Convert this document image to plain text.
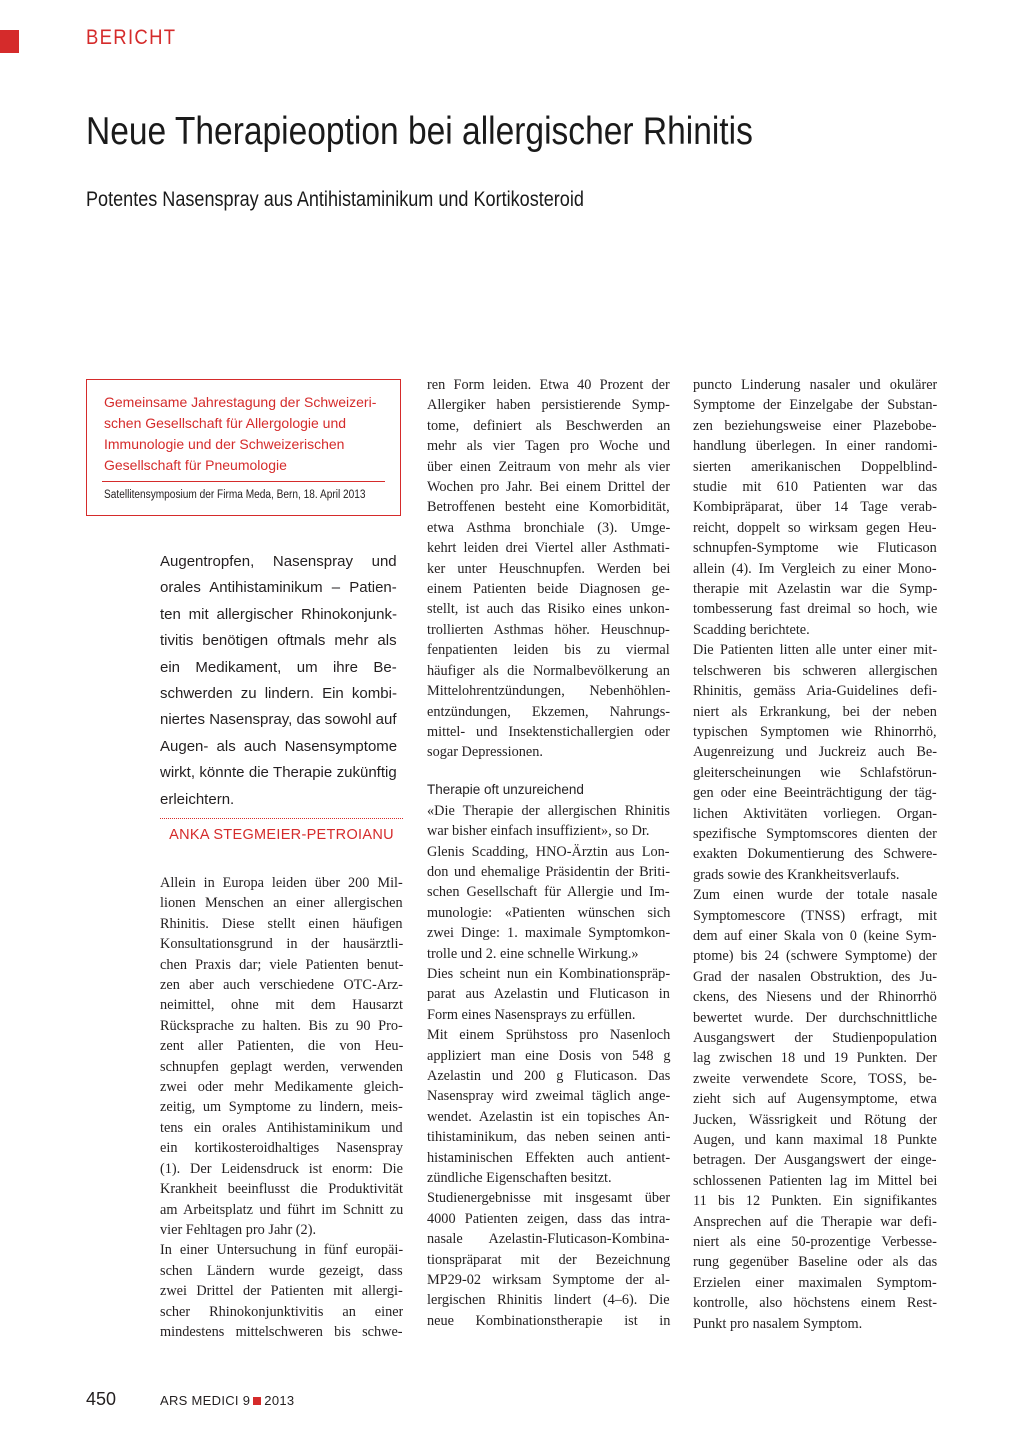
BERICHT
Neue Therapieoption bei allergischer Rhinitis
Potentes Nasenspray aus Antihistaminikum und Kortikosteroid
Gemeinsame Jahrestagung der Schweizeri-
schen Gesellschaft für Allergologie und
Immunologie und der Schweizerischen
Gesellschaft für Pneumologie
Satellitensymposium der Firma Meda, Bern, 18. April 2013
Augentropfen, Nasenspray und
orales Antihistaminikum – Patien-
ten mit allergischer Rhinokonjunk-
tivitis benötigen oftmals mehr als
ein Medikament, um ihre Be-
schwerden zu lindern. Ein kombi-
niertes Nasenspray, das sowohl auf
Augen- als auch Nasensymptome
wirkt, könnte die Therapie zukünftig
erleichtern.
ANKA STEGMEIER-PETROIANU
Allein in Europa leiden über 200 Mil-
lionen Menschen an einer allergischen
Rhinitis. Diese stellt einen häufigen
Konsultationsgrund in der hausärztli-
chen Praxis dar; viele Patienten benut-
zen aber auch verschiedene OTC-Arz-
neimittel, ohne mit dem Hausarzt
Rücksprache zu halten. Bis zu 90 Pro-
zent aller Patienten, die von Heu-
schnupfen geplagt werden, verwenden
zwei oder mehr Medikamente gleich-
zeitig, um Symptome zu lindern, meis-
tens ein orales Antihistaminikum und
ein kortikosteroidhaltiges Nasenspray
(1). Der Leidensdruck ist enorm: Die
Krankheit beeinflusst die Produktivität
am Arbeitsplatz und führt im Schnitt zu
vier Fehltagen pro Jahr (2).
In einer Untersuchung in fünf europäi-
schen Ländern wurde gezeigt, dass
zwei Drittel der Patienten mit allergi-
scher Rhinokonjunktivitis an einer
mindestens mittelschweren bis schwe-
ren Form leiden. Etwa 40 Prozent der
Allergiker haben persistierende Symp-
tome, definiert als Beschwerden an
mehr als vier Tagen pro Woche und
über einen Zeitraum von mehr als vier
Wochen pro Jahr. Bei einem Drittel der
Betroffenen besteht eine Komorbidität,
etwa Asthma bronchiale (3). Umge-
kehrt leiden drei Viertel aller Asthmati-
ker unter Heuschnupfen. Werden bei
einem Patienten beide Diagnosen ge-
stellt, ist auch das Risiko eines unkon-
trollierten Asthmas höher. Heuschnup-
fenpatienten leiden bis zu viermal
häufiger als die Normalbevölkerung an
Mittelohrentzündungen, Nebenhöhlen-
entzündungen, Ekzemen, Nahrungs-
mittel- und Insektenstichallergien oder
sogar Depressionen.
Therapie oft unzureichend
«Die Therapie der allergischen Rhinitis
war bisher einfach insuffizient», so Dr.
Glenis Scadding, HNO-Ärztin aus Lon-
don und ehemalige Präsidentin der Briti-
schen Gesellschaft für Allergie und Im-
munologie: «Patienten wünschen sich
zwei Dinge: 1. maximale Symptomkon-
trolle und 2. eine schnelle Wirkung.»
Dies scheint nun ein Kombinationspräp-
parat aus Azelastin und Fluticason in
Form eines Nasensprays zu erfüllen.
Mit einem Sprühstoss pro Nasenloch
appliziert man eine Dosis von 548 g
Azelastin und 200 g Fluticason. Das
Nasenspray wird zweimal täglich ange-
wendet. Azelastin ist ein topisches An-
tihistaminikum, das neben seinen anti-
histaminischen Effekten auch antient-
zündliche Eigenschaften besitzt.
Studienergebnisse mit insgesamt über
4000 Patienten zeigen, dass das intra-
nasale Azelastin-Fluticason-Kombina-
tionspräparat mit der Bezeichnung
MP29-02 wirksam Symptome der al-
lergischen Rhinitis lindert (4–6). Die
neue Kombinationstherapie ist in
puncto Linderung nasaler und okulärer
Symptome der Einzelgabe der Substan-
zen beziehungsweise einer Plazebobe-
handlung überlegen. In einer randomi-
sierten amerikanischen Doppelblind-
studie mit 610 Patienten war das
Kombipräparat, über 14 Tage verab-
reicht, doppelt so wirksam gegen Heu-
schnupfen-Symptome wie Fluticason
allein (4). Im Vergleich zu einer Mono-
therapie mit Azelastin war die Symp-
tombesserung fast dreimal so hoch, wie
Scadding berichtete.
Die Patienten litten alle unter einer mit-
telschweren bis schweren allergischen
Rhinitis, gemäss Aria-Guidelines defi-
niert als Erkrankung, bei der neben
typischen Symptomen wie Rhinorrhö,
Augenreizung und Juckreiz auch Be-
gleiterscheinungen wie Schlafstörun-
gen oder eine Beeinträchtigung der täg-
lichen Aktivitäten vorliegen. Organ-
spezifische Symptomscores dienten der
exakten Dokumentierung des Schwere-
grads sowie des Krankheitsverlaufs.
Zum einen wurde der totale nasale
Symptomescore (TNSS) erfragt, mit
dem auf einer Skala von 0 (keine Sym-
ptome) bis 24 (schwere Symptome) der
Grad der nasalen Obstruktion, des Ju-
ckens, des Niesens und der Rhinorrhö
bewertet wurde. Der durchschnittliche
Ausgangswert der Studienpopulation
lag zwischen 18 und 19 Punkten. Der
zweite verwendete Score, TOSS, be-
zieht sich auf Augensymptome, etwa
Jucken, Wässrigkeit und Rötung der
Augen, und kann maximal 18 Punkte
betragen. Der Ausgangswert der einge-
schlossenen Patienten lag im Mittel bei
11 bis 12 Punkten. Ein signifikantes
Ansprechen auf die Therapie war defi-
niert als eine 50-prozentige Verbesse-
rung gegenüber Baseline oder als das
Erzielen einer maximalen Symptom-
kontrolle, also höchstens einem Rest-
Punkt pro nasalem Symptom.
450	ARS MEDICI 9 2013
